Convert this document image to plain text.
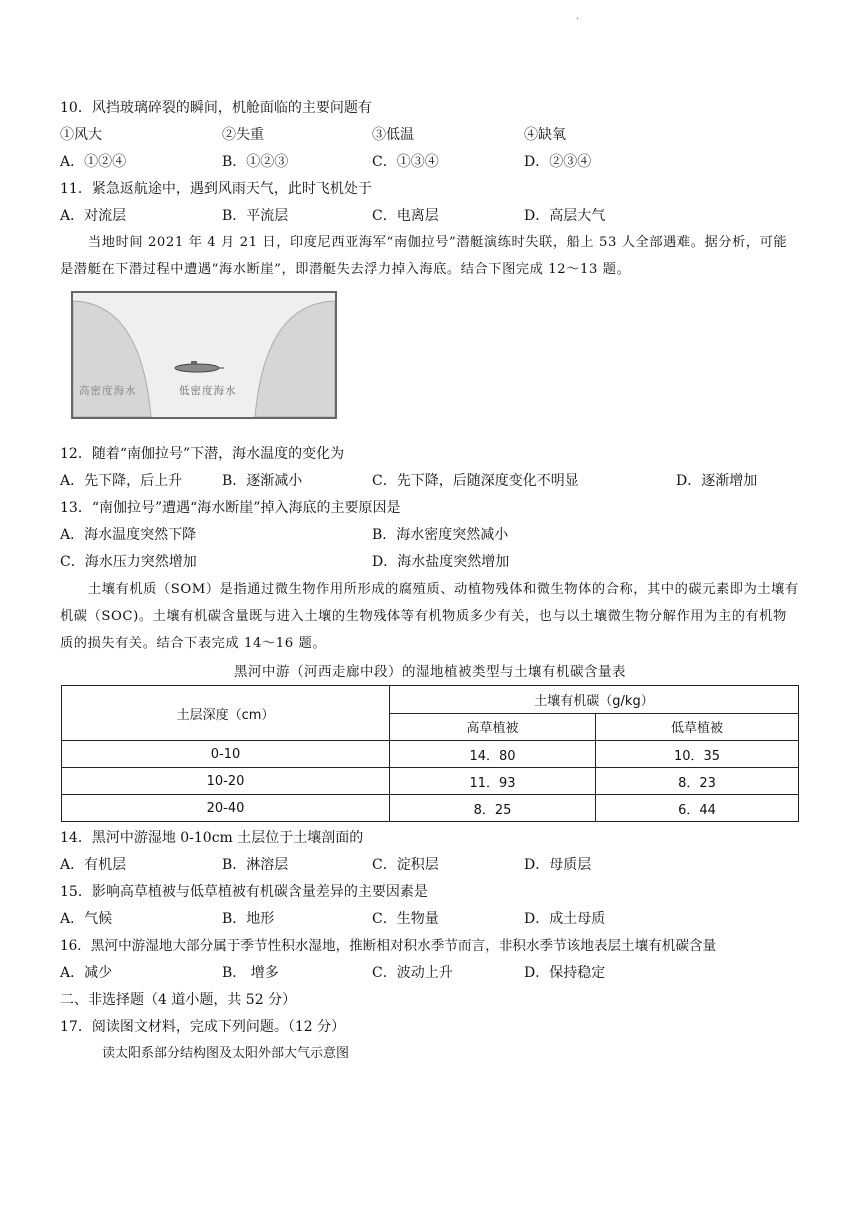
·
10．风挡玻璃碎裂的瞬间，机舱面临的主要问题有
①风大	②失重	③低温	④缺氧
A．①②④	B．①②③	C．①③④	D．②③④
11．紧急返航途中，遇到风雨天气，此时飞机处于
A．对流层	B．平流层	C．电离层	D．高层大气
当地时间 2021 年 4 月 21 日，印度尼西亚海军“南伽拉号”潜艇演练时失联，船上 53 人全部遇难。据分析，可能是潜艇在下潜过程中遭遇“海水断崖”，即潜艇失去浮力掉入海底。结合下图完成 12～13 题。
高密度海水	低密度海水
12．随着“南伽拉号”下潜，海水温度的变化为
A．先下降，后上升	B．逐渐减小	C．先下降，后随深度变化不明显	D．逐渐增加
13．“南伽拉号”遭遇“海水断崖”掉入海底的主要原因是
A．海水温度突然下降	B．海水密度突然减小
C．海水压力突然增加	D．海水盐度突然增加
土壤有机质（SOM）是指通过微生物作用所形成的腐殖质、动植物残体和微生物体的合称，其中的碳元素即为土壤有机碳（SOC)。土壤有机碳含量既与进入土壤的生物残体等有机物质多少有关，也与以土壤微生物分解作用为主的有机物质的损失有关。结合下表完成 14～16 题。
黑河中游（河西走廊中段）的湿地植被类型与土壤有机碳含量表
土层深度（cm）	土壤有机碳（g/kg）	
	高草植被	低草植被
0-10	14．80	10．35
10-20	11．93	8．23
20-40	8．25	6．44
14．黑河中游湿地 0-10cm 土层位于土壤剖面的
A．有机层	B．淋溶层	C．淀积层	D．母质层
15．影响高草植被与低草植被有机碳含量差异的主要因素是
A．气候	B．地形	C．生物量	D．成土母质
16．黑河中游湿地大部分属于季节性积水湿地，推断相对积水季节而言，非积水季节该地表层土壤有机碳含量
A．减少	B． 增多	C．波动上升	D．保持稳定
二、非选择题（4 道小题，共 52 分）
17．阅读图文材料，完成下列问题。（12 分）
读太阳系部分结构图及太阳外部大气示意图
